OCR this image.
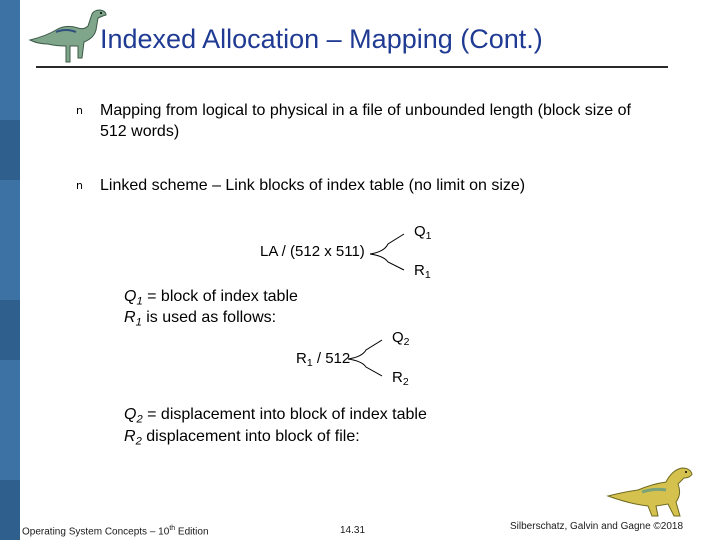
Indexed Allocation – Mapping (Cont.)
n Mapping from logical to physical in a file of unbounded length (block size of 512 words)
n Linked scheme – Link blocks of index table (no limit on size)
LA / (512 x 511)
$Q_1$
$R_1$
$Q_1$ = block of index table
$R_1$ is used as follows:
$R_1 / 512$
$Q_2$
$R_2$
$Q_2$ = displacement into block of index table
$R_2$ displacement into block of file:
Operating System Concepts – 10th Edition	14.31	Silberschatz, Galvin and Gagne ©2018
